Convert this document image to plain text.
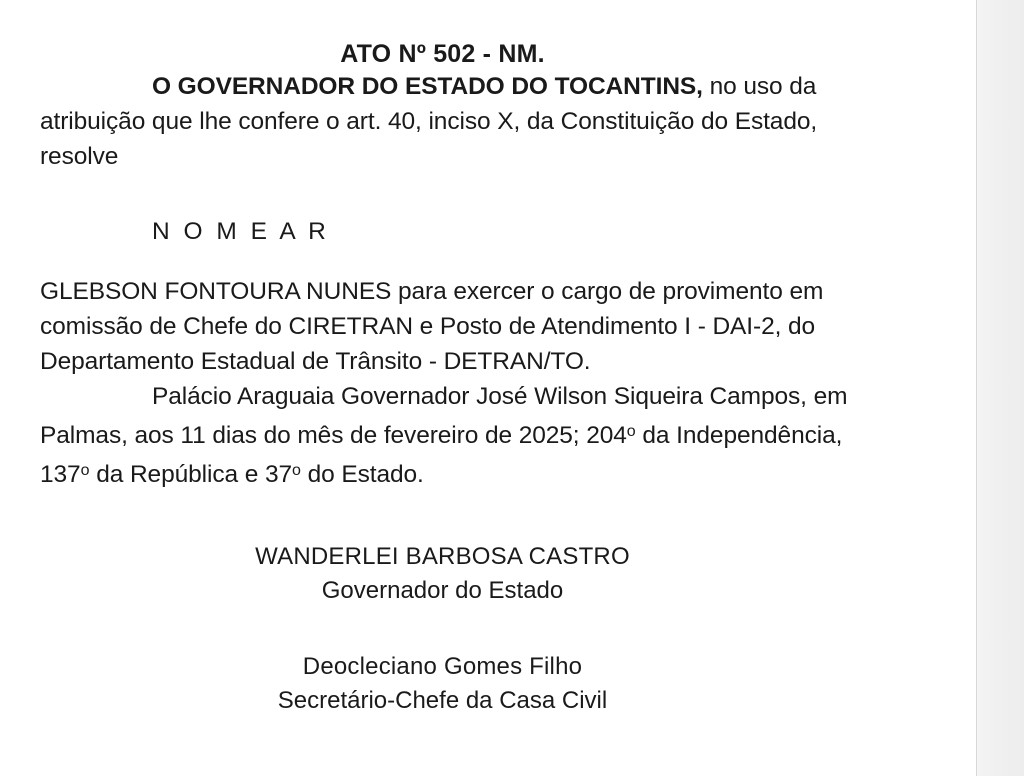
ATO Nº 502 - NM.

O GOVERNADOR DO ESTADO DO TOCANTINS, no uso da atribuição que lhe confere o art. 40, inciso X, da Constituição do Estado, resolve

N O M E A R

GLEBSON FONTOURA NUNES para exercer o cargo de provimento em comissão de Chefe do CIRETRAN e Posto de Atendimento I - DAI-2, do Departamento Estadual de Trânsito - DETRAN/TO.

Palácio Araguaia Governador José Wilson Siqueira Campos, em Palmas, aos 11 dias do mês de fevereiro de 2025; 204$^o$ da Independência, 137$^o$ da República e 37$^o$ do Estado.

WANDERLEI BARBOSA CASTRO
Governador do Estado
Deocleciano Gomes Filho
Secretário-Chefe da Casa Civil
